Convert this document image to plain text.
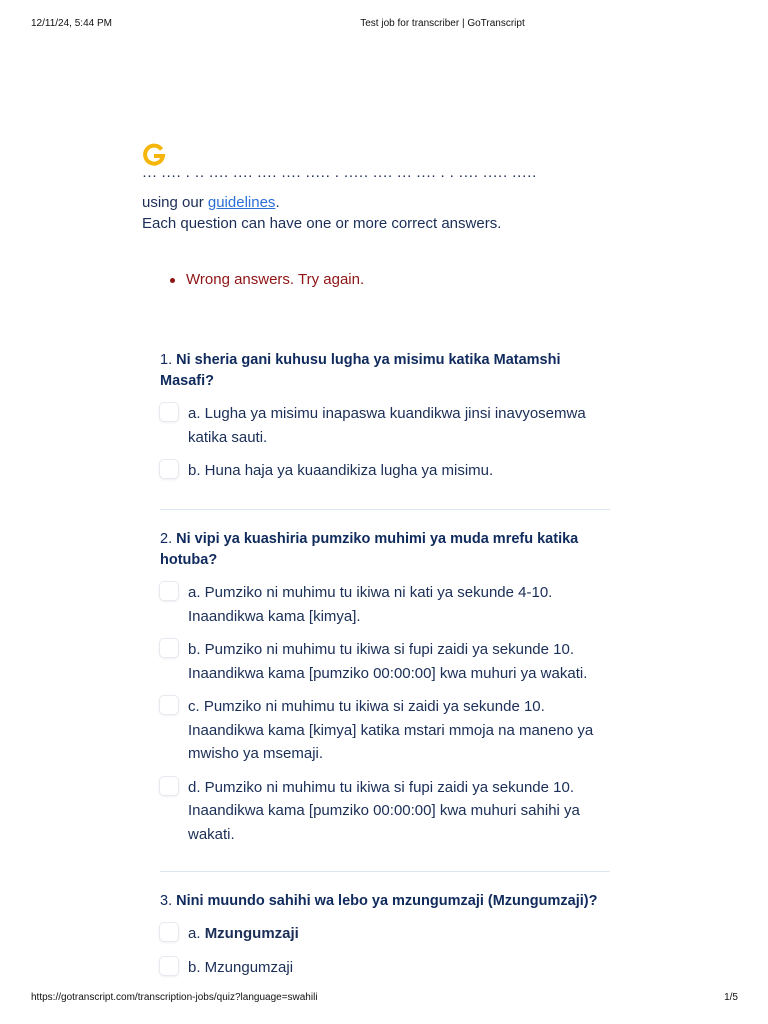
12/11/24, 5:44 PM	Test job for transcriber | GoTranscript
··· ···· · ·· ···· ···· ···· ···· ····· · ····· ···· ··· ···· · · ···· ····· ·····
using our guidelines.
Each question can have one or more correct answers.
Wrong answers. Try again.

1. Ni sheria gani kuhusu lugha ya misimu katika Matamshi Masafi?

a. Lugha ya misimu inapaswa kuandikwa jinsi inavyosemwa katika sauti.
b. Huna haja ya kuaandikiza lugha ya misimu.

2. Ni vipi ya kuashiria pumziko muhimi ya muda mrefu katika hotuba?

a. Pumziko ni muhimu tu ikiwa ni kati ya sekunde 4-10. Inaandikwa kama [kimya].
b. Pumziko ni muhimu tu ikiwa si fupi zaidi ya sekunde 10. Inaandikwa kama [pumziko 00:00:00] kwa muhuri ya wakati.
c. Pumziko ni muhimu tu ikiwa si zaidi ya sekunde 10. Inaandikwa kama [kimya] katika mstari mmoja na maneno ya mwisho ya msemaji.
d. Pumziko ni muhimu tu ikiwa si fupi zaidi ya sekunde 10. Inaandikwa kama [pumziko 00:00:00] kwa muhuri sahihi ya wakati.

3. Nini muundo sahihi wa lebo ya mzungumzaji (Mzungumzaji)?

a. Mzungumzaji
b. Mzungumzaji
https://gotranscript.com/transcription-jobs/quiz?language=swahili	1/5
